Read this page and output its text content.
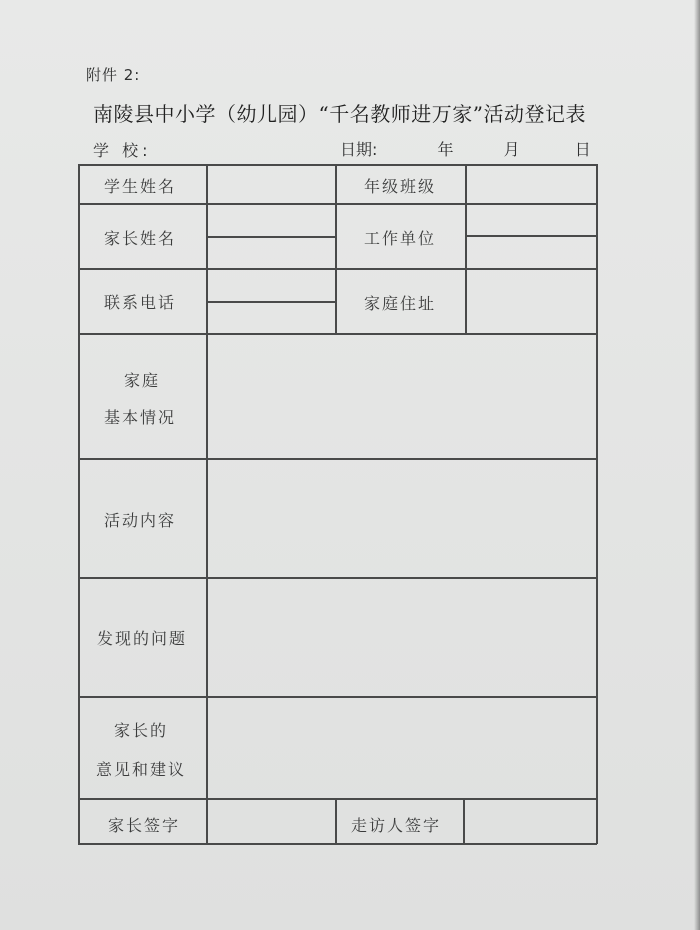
附件 2:
南陵县中小学（幼儿园）“千名教师进万家”活动登记表
学 校:	日期:	年	月	日
学生姓名	年级班级
家长姓名	工作单位
联系电话	家庭住址
家庭
基本情况
活动内容
发现的问题
家长的
意见和建议
家长签字	走访人签字
